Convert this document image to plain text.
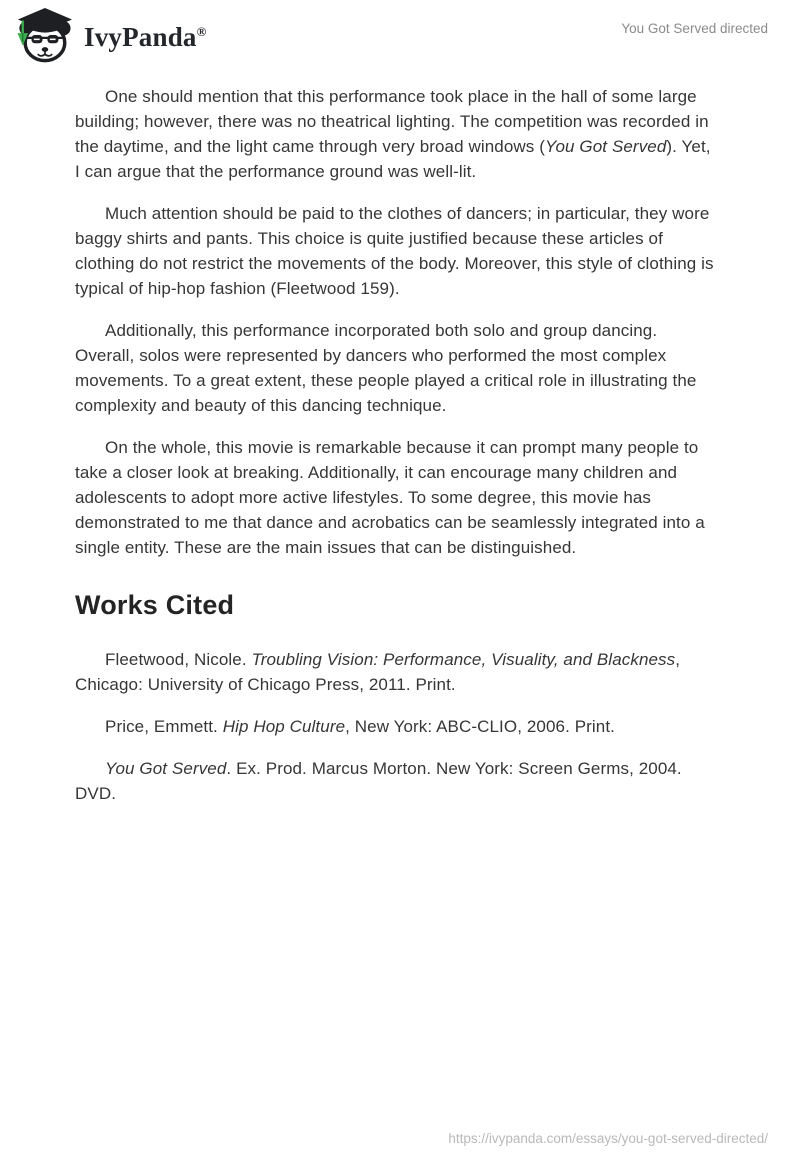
IvyPanda®	You Got Served directed

One should mention that this performance took place in the hall of some large building; however, there was no theatrical lighting. The competition was recorded in the daytime, and the light came through very broad windows (You Got Served). Yet, I can argue that the performance ground was well-lit.

Much attention should be paid to the clothes of dancers; in particular, they wore baggy shirts and pants. This choice is quite justified because these articles of clothing do not restrict the movements of the body. Moreover, this style of clothing is typical of hip-hop fashion (Fleetwood 159).

Additionally, this performance incorporated both solo and group dancing. Overall, solos were represented by dancers who performed the most complex movements. To a great extent, these people played a critical role in illustrating the complexity and beauty of this dancing technique.

On the whole, this movie is remarkable because it can prompt many people to take a closer look at breaking. Additionally, it can encourage many children and adolescents to adopt more active lifestyles. To some degree, this movie has demonstrated to me that dance and acrobatics can be seamlessly integrated into a single entity. These are the main issues that can be distinguished.

Works Cited

Fleetwood, Nicole. Troubling Vision: Performance, Visuality, and Blackness, Chicago: University of Chicago Press, 2011. Print.

Price, Emmett. Hip Hop Culture, New York: ABC-CLIO, 2006. Print.

You Got Served. Ex. Prod. Marcus Morton. New York: Screen Germs, 2004. DVD.

https://ivypanda.com/essays/you-got-served-directed/
